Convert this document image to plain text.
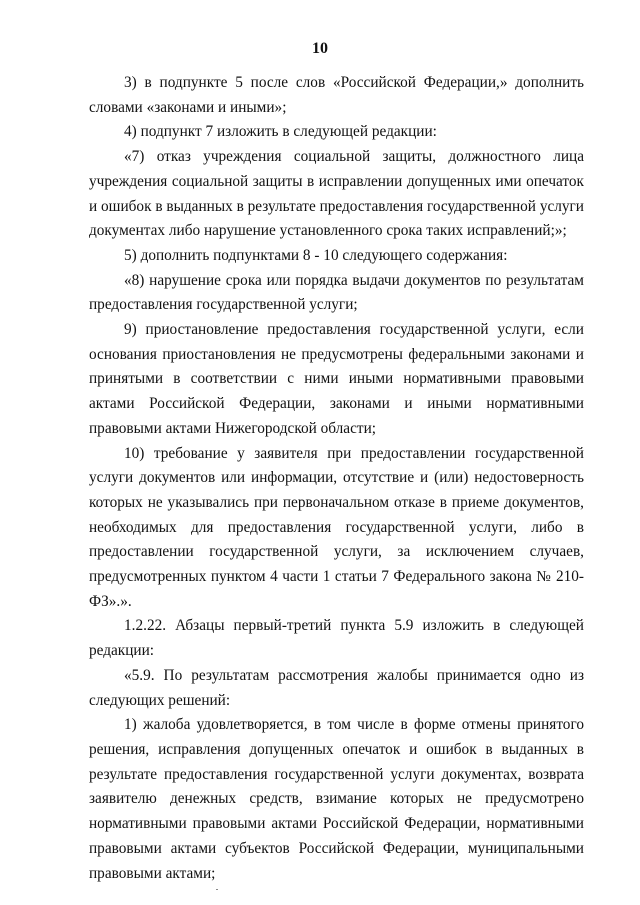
10

3) в подпункте 5 после слов «Российской Федерации,» дополнить словами «законами и иными»;

4) подпункт 7 изложить в следующей редакции:

«7) отказ учреждения социальной защиты, должностного лица учреждения социальной защиты в исправлении допущенных ими опечаток и ошибок в выданных в результате предоставления государственной услуги документах либо нарушение установленного срока таких исправлений;»;

5) дополнить подпунктами 8 - 10 следующего содержания:

«8) нарушение срока или порядка выдачи документов по результатам предоставления государственной услуги;

9) приостановление предоставления государственной услуги, если основания приостановления не предусмотрены федеральными законами и принятыми в соответствии с ними иными нормативными правовыми актами Российской Федерации, законами и иными нормативными правовыми актами Нижегородской области;

10) требование у заявителя при предоставлении государственной услуги документов или информации, отсутствие и (или) недостоверность которых не указывались при первоначальном отказе в приеме документов, необходимых для предоставления государственной услуги, либо в предоставлении государственной услуги, за исключением случаев, предусмотренных пунктом 4 части 1 статьи 7 Федерального закона № 210-ФЗ».».

1.2.22. Абзацы первый-третий пункта 5.9 изложить в следующей редакции:

«5.9. По результатам рассмотрения жалобы принимается одно из следующих решений:

1) жалоба удовлетворяется, в том числе в форме отмены принятого решения, исправления допущенных опечаток и ошибок в выданных в результате предоставления государственной услуги документах, возврата заявителю денежных средств, взимание которых не предусмотрено нормативными правовыми актами Российской Федерации, нормативными правовыми актами субъектов Российской Федерации, муниципальными правовыми актами;
